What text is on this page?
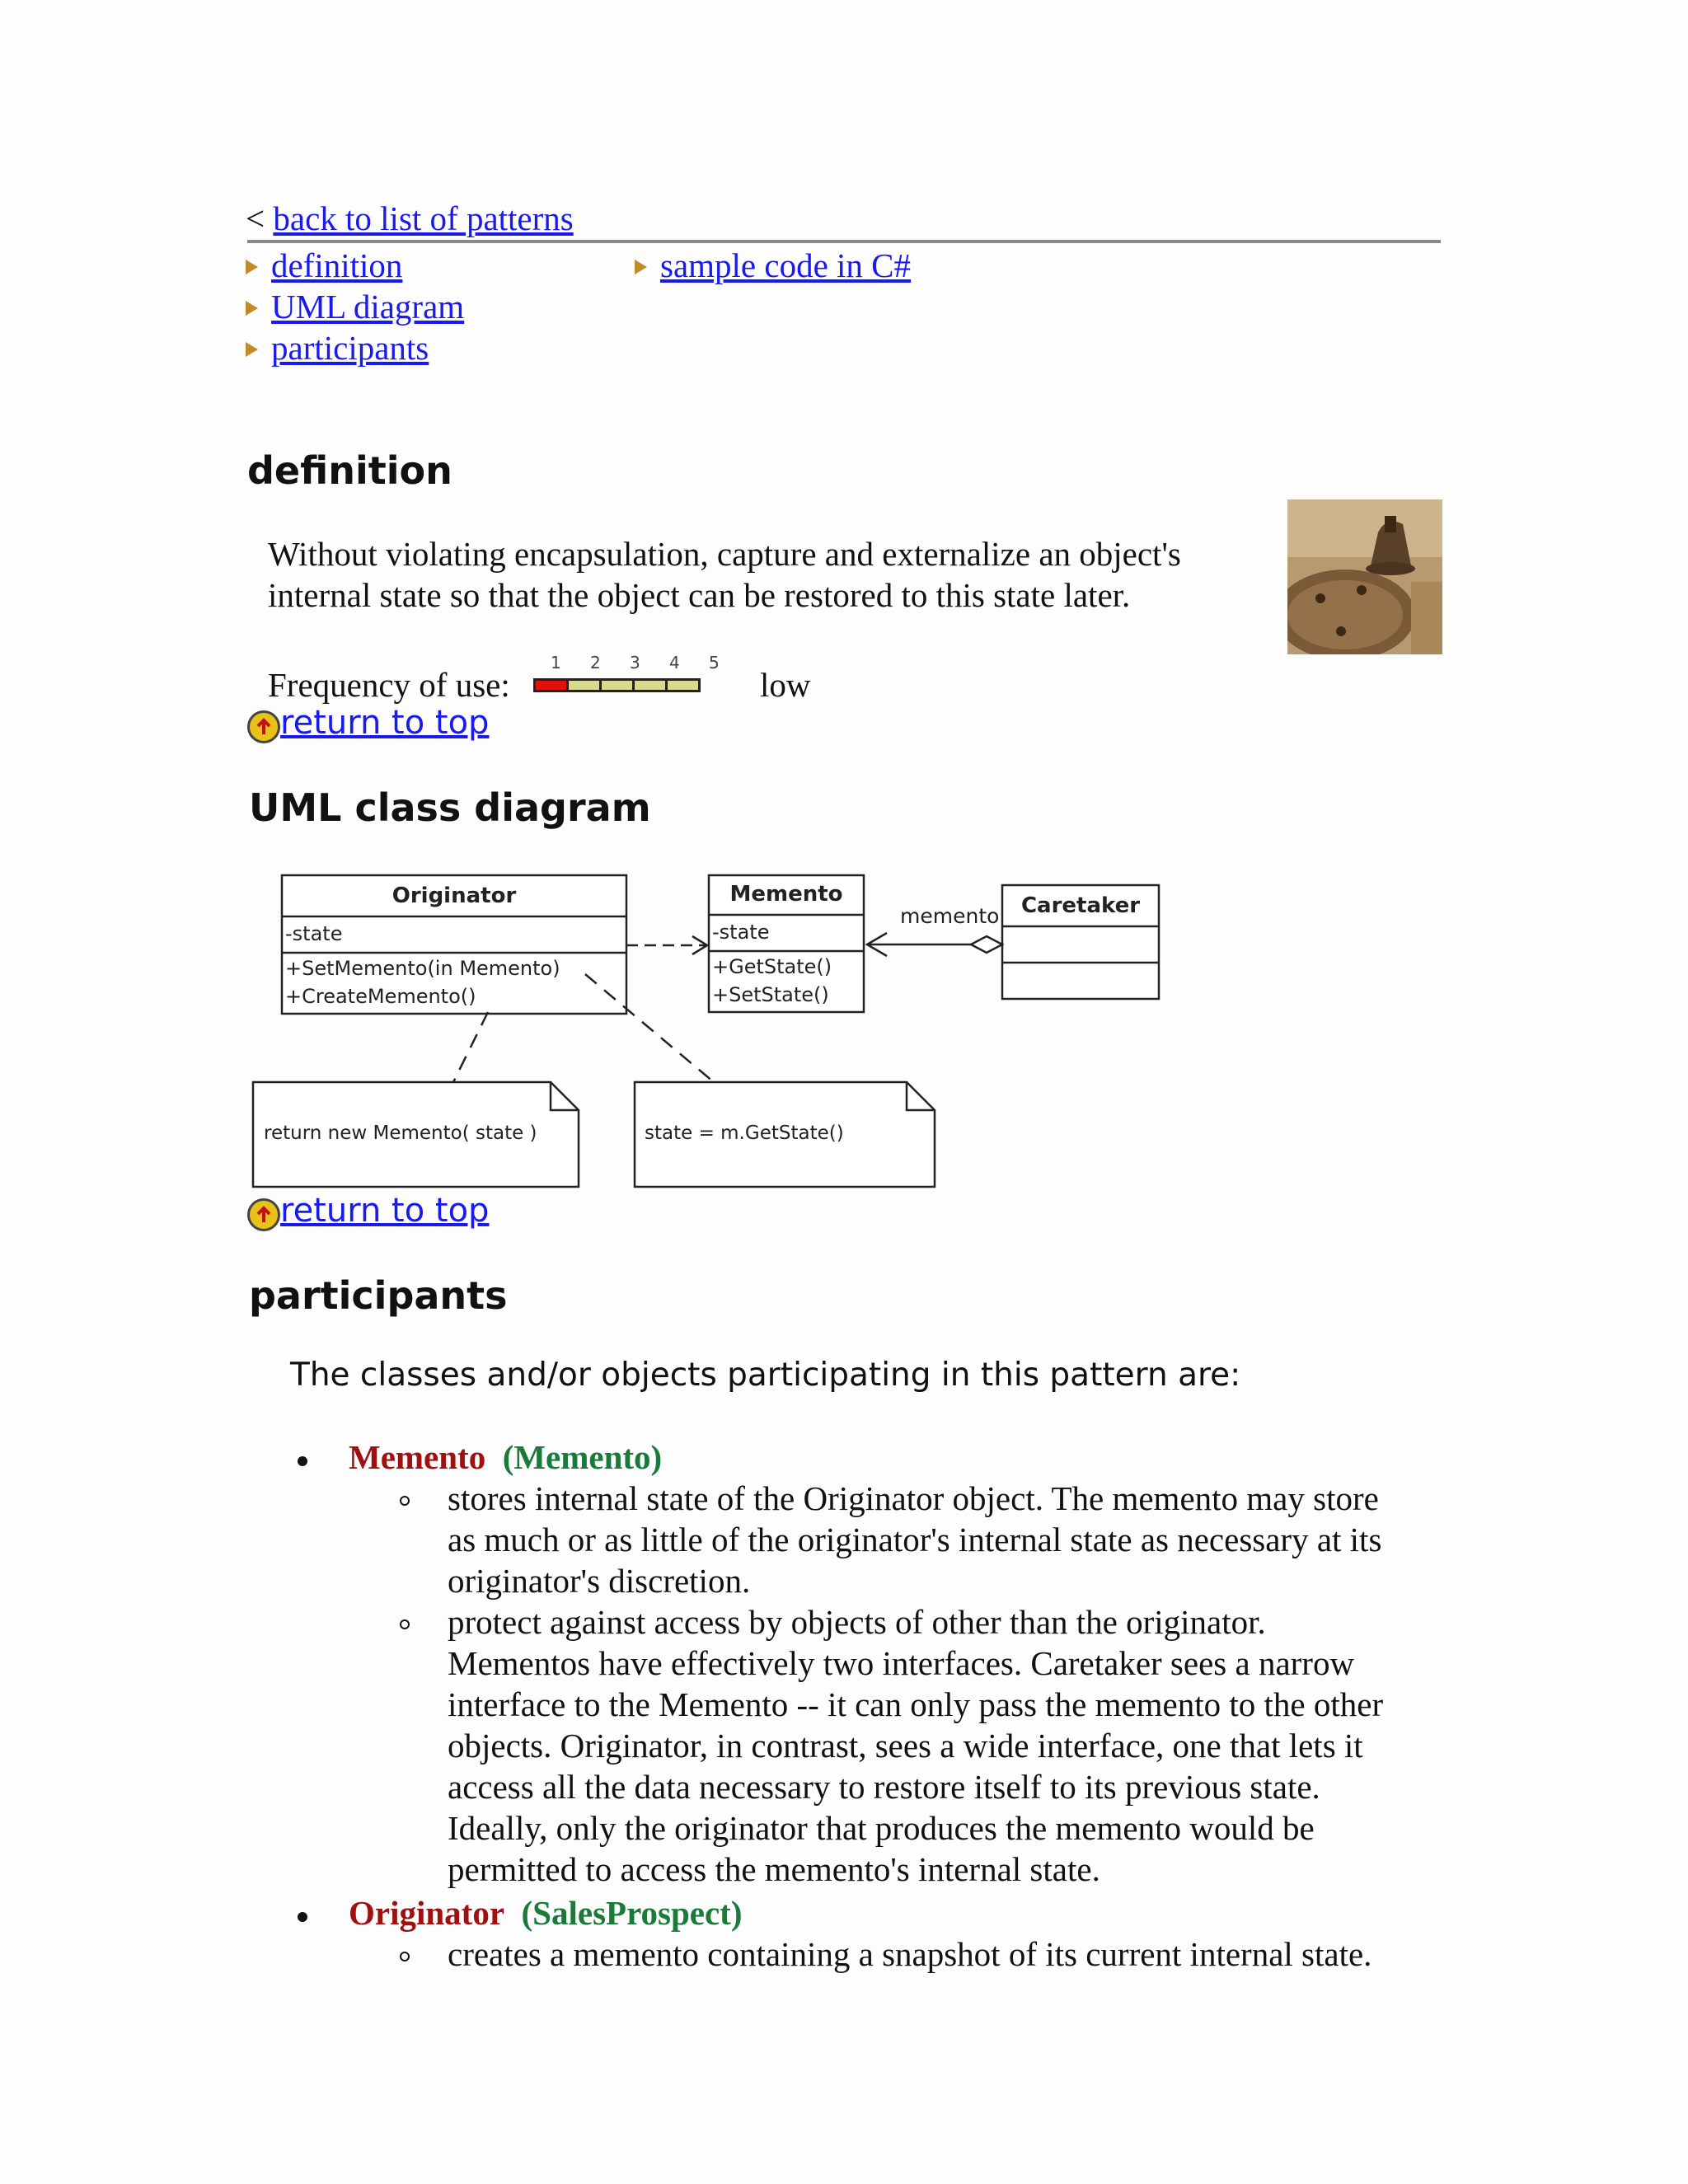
< back to list of patterns
definition
UML diagram
participants
sample code in C#
definition
Without violating encapsulation, capture and externalize an object's
internal state so that the object can be restored to this state later.
Frequency of use:
1 2 3 4 5
low
return to top
UML class diagram
Originator
-state
+SetMemento(in Memento)
+CreateMemento()
Memento
-state
+GetState()
+SetState()
Caretaker
memento
return new Memento( state )	state = m.GetState()
return to top
participants
The classes and/or objects participating in this pattern are:
Memento (Memento)
stores internal state of the Originator object. The memento may store
as much or as little of the originator's internal state as necessary at its
originator's discretion.
protect against access by objects of other than the originator.
Mementos have effectively two interfaces. Caretaker sees a narrow
interface to the Memento -- it can only pass the memento to the other
objects. Originator, in contrast, sees a wide interface, one that lets it
access all the data necessary to restore itself to its previous state.
Ideally, only the originator that produces the memento would be
permitted to access the memento's internal state.
Originator (SalesProspect)
creates a memento containing a snapshot of its current internal state.
